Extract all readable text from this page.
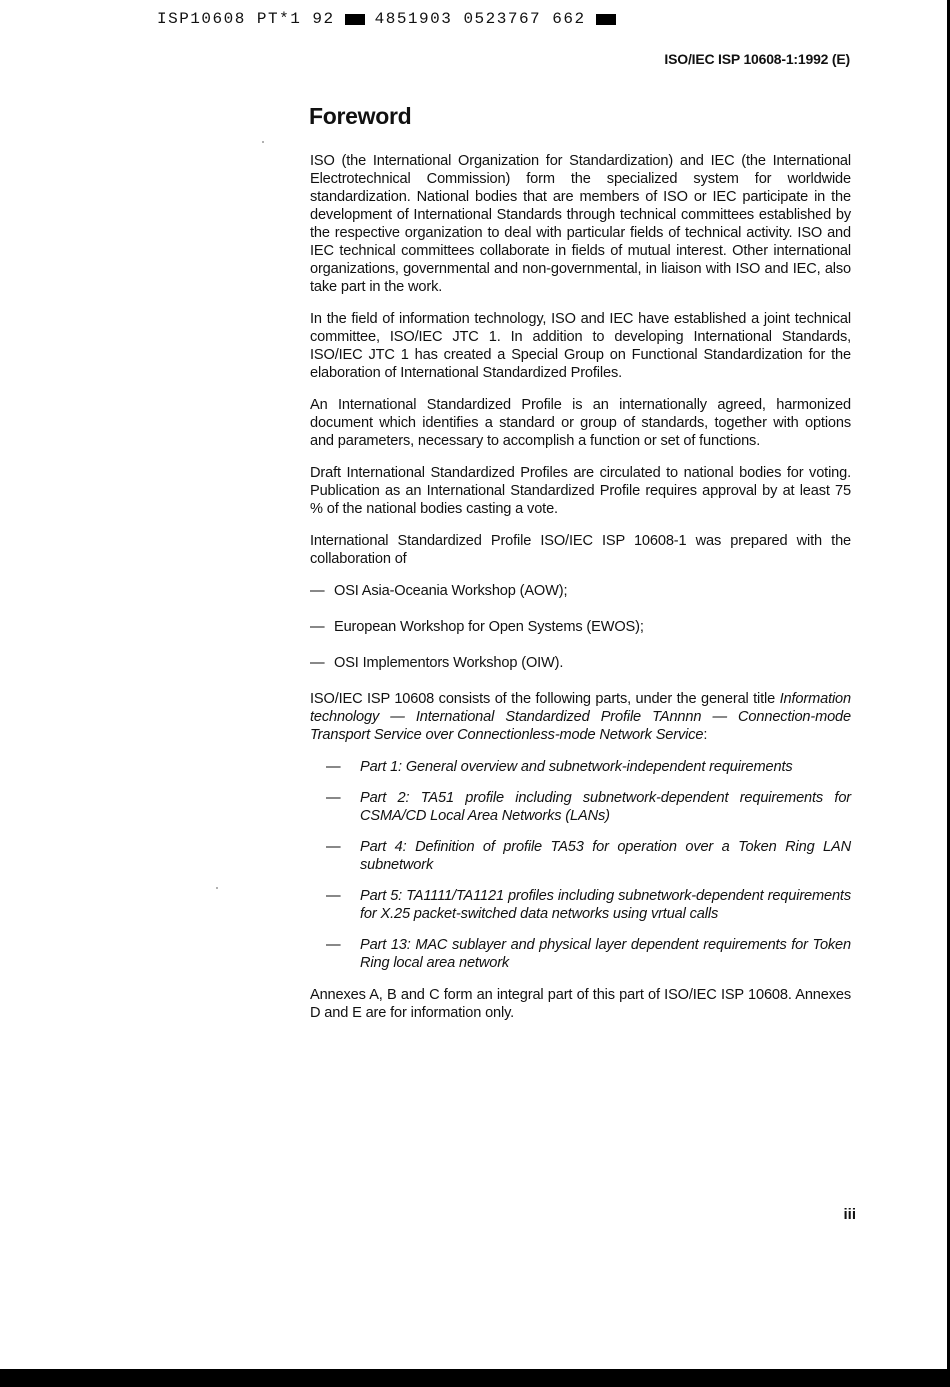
ISP10608 PT*1 92	4851903 0523767 662
ISO/IEC ISP 10608-1:1992 (E)
Foreword

ISO (the International Organization for Standardization) and IEC (the International Electrotechnical Commission) form the specialized system for worldwide standardization. National bodies that are members of ISO or IEC participate in the development of International Standards through technical committees established by the respective organization to deal with particular fields of technical activity. ISO and IEC technical committees collaborate in fields of mutual interest. Other international organizations, governmental and non-governmental, in liaison with ISO and IEC, also take part in the work.

In the field of information technology, ISO and IEC have established a joint technical committee, ISO/IEC JTC 1. In addition to developing International Standards, ISO/IEC JTC 1 has created a Special Group on Functional Standardization for the elaboration of International Standardized Profiles.

An International Standardized Profile is an internationally agreed, harmonized document which identifies a standard or group of standards, together with options and parameters, necessary to accomplish a function or set of functions.

Draft International Standardized Profiles are circulated to national bodies for voting. Publication as an International Standardized Profile requires approval by at least 75 % of the national bodies casting a vote.

International Standardized Profile ISO/IEC ISP 10608-1 was prepared with the collaboration of

— OSI Asia-Oceania Workshop (AOW);
— European Workshop for Open Systems (EWOS);
— OSI Implementors Workshop (OIW).

ISO/IEC ISP 10608 consists of the following parts, under the general title Information technology — International Standardized Profile TAnnnn — Connection-mode Transport Service over Connectionless-mode Network Service:

—	Part 1: General overview and subnetwork-independent requirements
—	Part 2: TA51 profile including subnetwork-dependent requirements for CSMA/CD Local Area Networks (LANs)
—	Part 4: Definition of profile TA53 for operation over a Token Ring LAN subnetwork
—	Part 5: TA1111/TA1121 profiles including subnetwork-dependent requirements for X.25 packet-switched data networks using vrtual calls
—	Part 13: MAC sublayer and physical layer dependent requirements for Token Ring local area network

Annexes A, B and C form an integral part of this part of ISO/IEC ISP 10608. Annexes D and E are for information only.

iii
